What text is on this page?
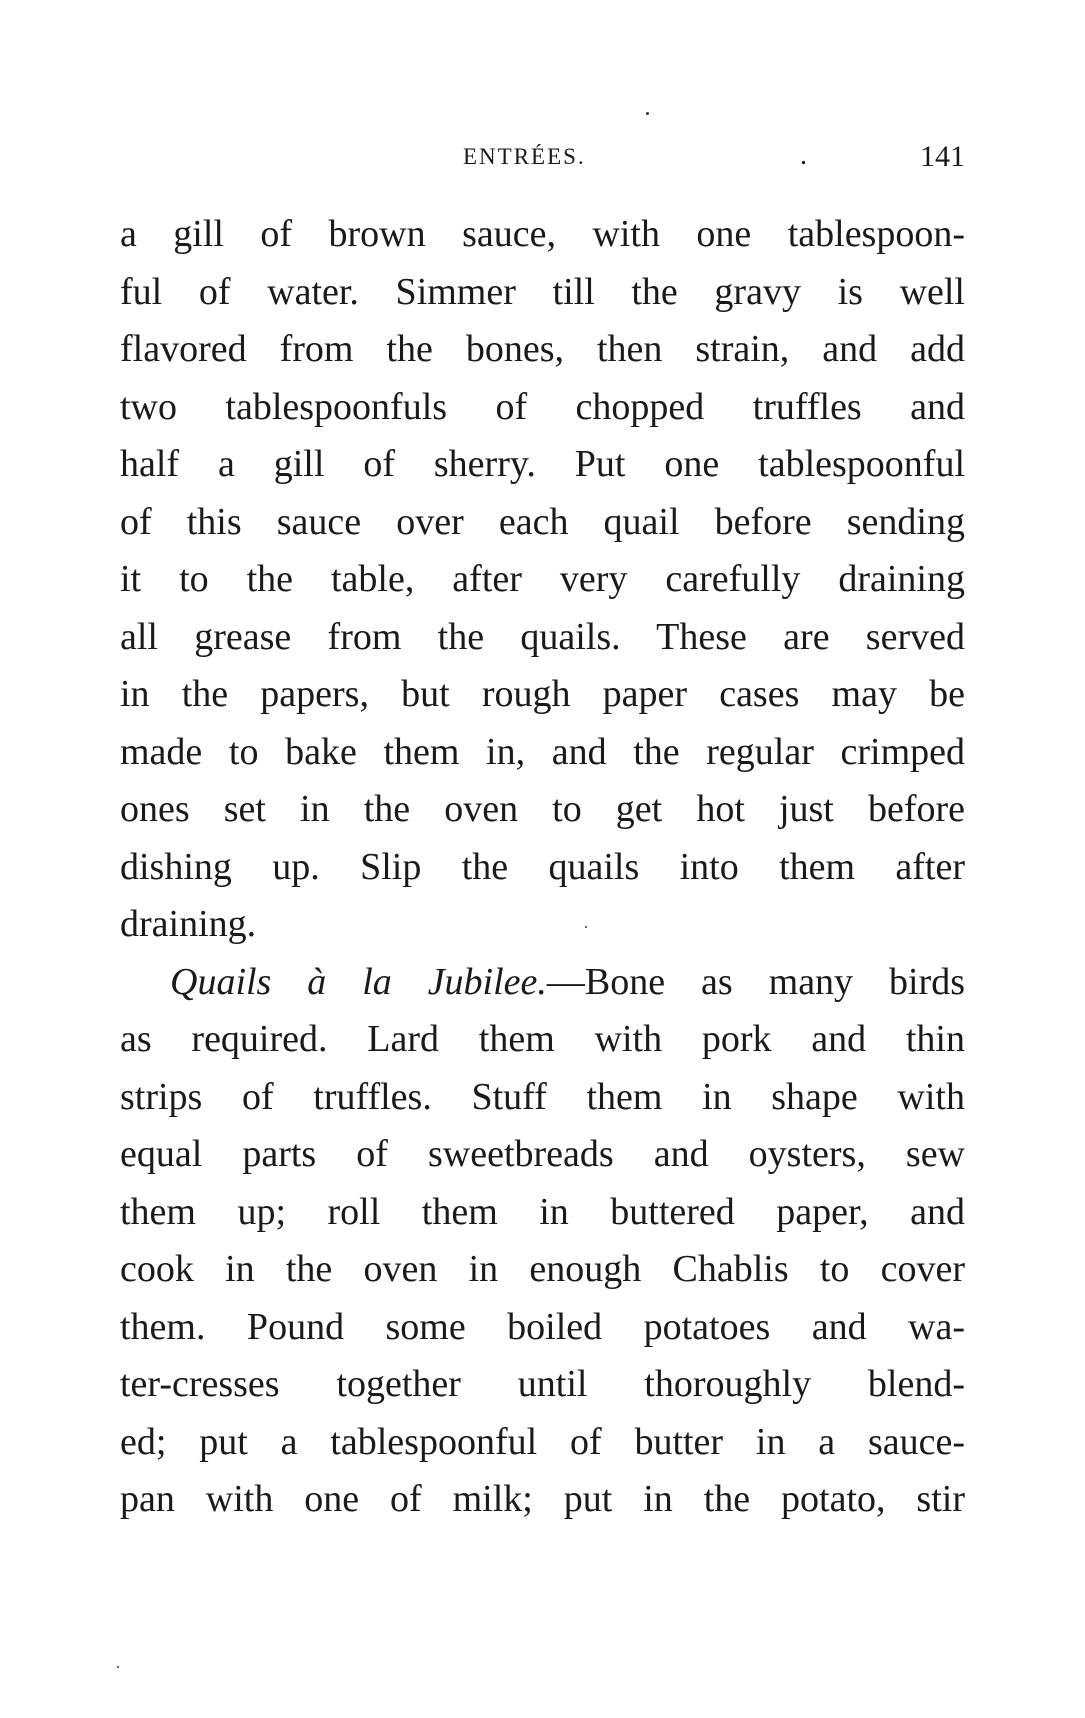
ENTRÉES.	.	141
a gill of brown sauce, with one tablespoon-
ful of water. Simmer till the gravy is well
flavored from the bones, then strain, and add
two tablespoonfuls of chopped truffles and
half a gill of sherry. Put one tablespoonful
of this sauce over each quail before sending
it to the table, after very carefully draining
all grease from the quails. These are served
in the papers, but rough paper cases may be
made to bake them in, and the regular crimped
ones set in the oven to get hot just before
dishing up. Slip the quails into them after
draining.
Quails à la Jubilee.—Bone as many birds
as required. Lard them with pork and thin
strips of truffles. Stuff them in shape with
equal parts of sweetbreads and oysters, sew
them up; roll them in buttered paper, and
cook in the oven in enough Chablis to cover
them. Pound some boiled potatoes and wa-
ter-cresses together until thoroughly blend-
ed; put a tablespoonful of butter in a sauce-
pan with one of milk; put in the potato, stir
